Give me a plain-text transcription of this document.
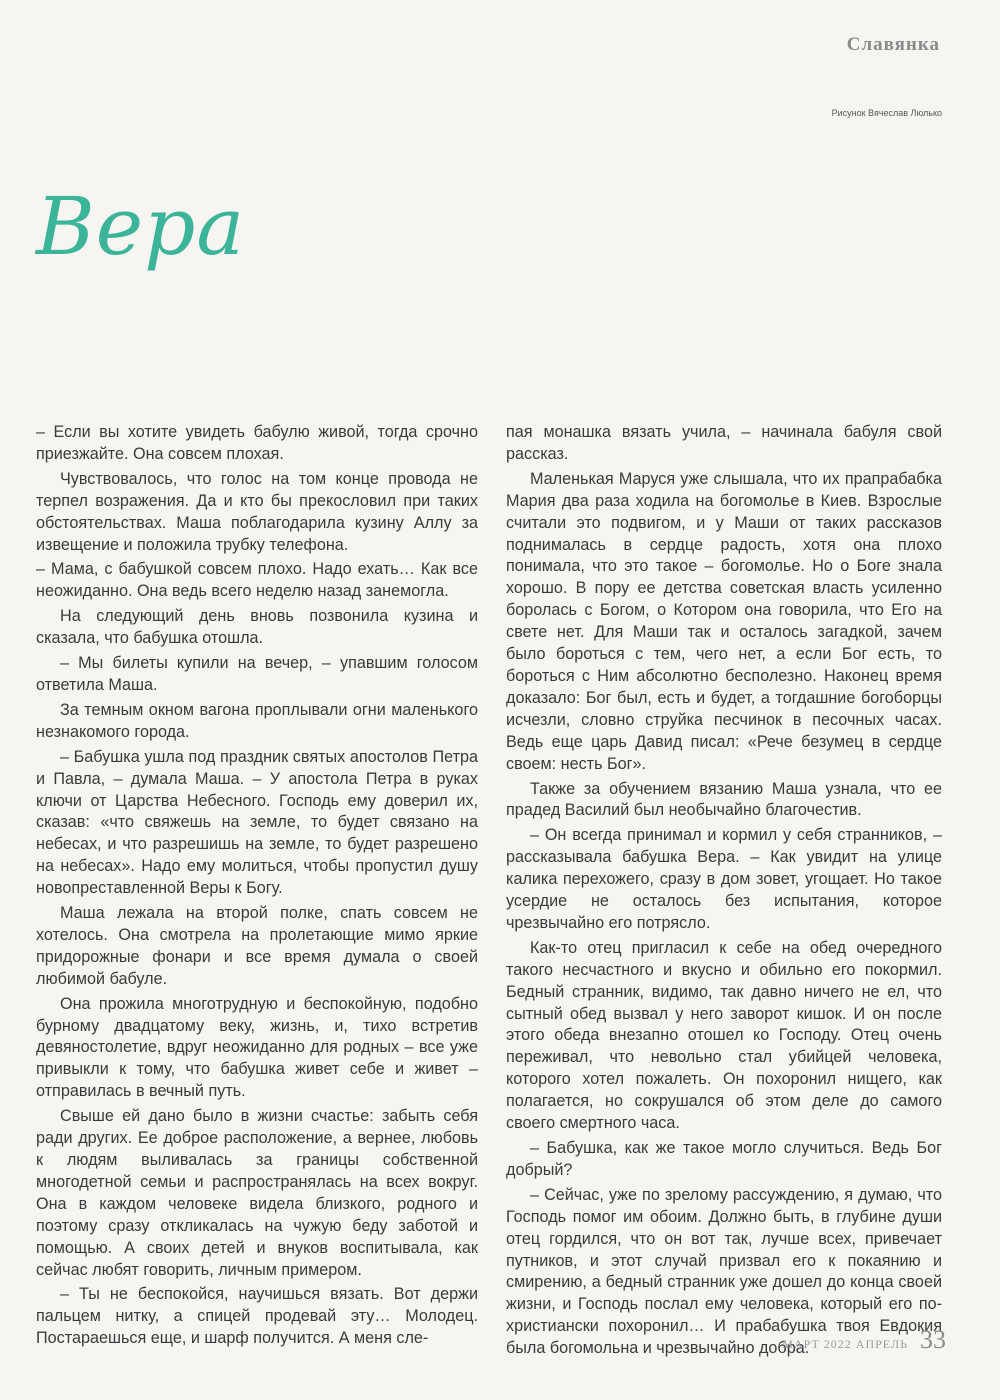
Славянка
Рисунок Вячеслав Люлько
Вера

– Если вы хотите увидеть бабулю живой, тогда срочно приезжайте. Она совсем плохая.

Чувствовалось, что голос на том конце провода не терпел возражения. Да и кто бы прекословил при таких обстоятельствах. Маша поблагодарила кузину Аллу за извещение и положила трубку телефона.

– Мама, с бабушкой совсем плохо. Надо ехать… Как все неожиданно. Она ведь всего неделю назад занемогла.

На следующий день вновь позвонила кузина и сказала, что бабушка отошла.

– Мы билеты купили на вечер, – упавшим голосом ответила Маша.

За темным окном вагона проплывали огни маленького незнакомого города.

– Бабушка ушла под праздник святых апостолов Петра и Павла, – думала Маша. – У апостола Петра в руках ключи от Царства Небесного. Господь ему доверил их, сказав: «что свяжешь на земле, то будет связано на небесах, и что разрешишь на земле, то будет разрешено на небесах». Надо ему молиться, чтобы пропустил душу новопреставленной Веры к Богу.

Маша лежала на второй полке, спать совсем не хотелось. Она смотрела на пролетающие мимо яркие придорожные фонари и все время думала о своей любимой бабуле.

Она прожила многотрудную и беспокойную, подобно бурному двадцатому веку, жизнь, и, тихо встретив девяностолетие, вдруг неожиданно для родных – все уже привыкли к тому, что бабушка живет себе и живет – отправилась в вечный путь.

Свыше ей дано было в жизни счастье: забыть себя ради других. Ее доброе расположение, а вернее, любовь к людям выливалась за границы собственной многодетной семьи и распространялась на всех вокруг. Она в каждом человеке видела близкого, родного и поэтому сразу откликалась на чужую беду заботой и помощью. А своих детей и внуков воспитывала, как сейчас любят говорить, личным примером.

– Ты не беспокойся, научишься вязать. Вот держи пальцем нитку, а спицей продевай эту… Молодец. Постараешься еще, и шарф получится. А меня сле-

пая монашка вязать учила, – начинала бабуля свой рассказ.

Маленькая Маруся уже слышала, что их прапрабабка Мария два раза ходила на богомолье в Киев. Взрослые считали это подвигом, и у Маши от таких рассказов поднималась в сердце радость, хотя она плохо понимала, что это такое – богомолье. Но о Боге знала хорошо. В пору ее детства советская власть усиленно боролась с Богом, о Котором она говорила, что Его на свете нет. Для Маши так и осталось загадкой, зачем было бороться с тем, чего нет, а если Бог есть, то бороться с Ним абсолютно бесполезно. Наконец время доказало: Бог был, есть и будет, а тогдашние богоборцы исчезли, словно струйка песчинок в песочных часах. Ведь еще царь Давид писал: «Рече безумец в сердце своем: несть Бог».

Также за обучением вязанию Маша узнала, что ее прадед Василий был необычайно благочестив.

– Он всегда принимал и кормил у себя странников, – рассказывала бабушка Вера. – Как увидит на улице калика перехожего, сразу в дом зовет, угощает. Но такое усердие не осталось без испытания, которое чрезвычайно его потрясло.

Как-то отец пригласил к себе на обед очередного такого несчастного и вкусно и обильно его покормил. Бедный странник, видимо, так давно ничего не ел, что сытный обед вызвал у него заворот кишок. И он после этого обеда внезапно отошел ко Господу. Отец очень переживал, что невольно стал убийцей человека, которого хотел пожалеть. Он похоронил нищего, как полагается, но сокрушался об этом деле до самого своего смертного часа.

– Бабушка, как же такое могло случиться. Ведь Бог добрый?

– Сейчас, уже по зрелому рассуждению, я думаю, что Господь помог им обоим. Должно быть, в глубине души отец гордился, что он вот так, лучше всех, привечает путников, и этот случай призвал его к покаянию и смирению, а бедный странник уже дошел до конца своей жизни, и Господь послал ему человека, который его по-христиански похоронил… И прабабушка твоя Евдокия была богомольна и чрезвычайно добра.

МАРТ 2022 АПРЕЛЬ 33
